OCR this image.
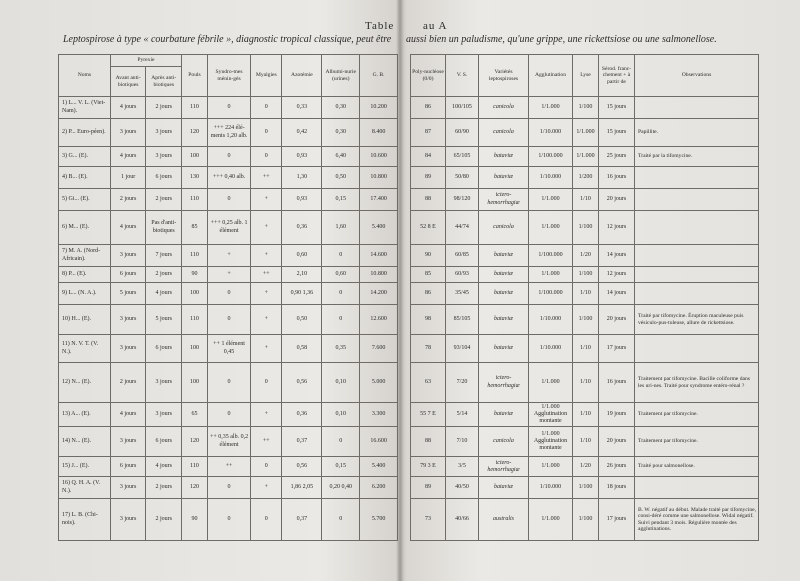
Table	au A
Leptospirose à type « courbature fébrile », diagnostic tropical classique, peut être aussi bien un paludisme, qu'une grippe, une rickettsiose ou une salmonellose.
Noms	Pyrexie		Pouls	Syndro-mes ménin-gés	Myalgies	Azotémie	Albumi-nurie (urines)	G. B.
	Avant anti-biotiques	Après anti-biotiques						
1) L... V. L. (Viet-Nam).	4 jours	2 jours	110	0	0	0,33	0,30	10.200
2) P... Euro-péen).	3 jours	3 jours	120	+++ 224 élé-ments 1,20 alb.	0	0,42	0,30	8.400
3) G... (E).	4 jours	3 jours	100	0	0	0,93	6,40	10.600
4) B... (E).	1 jour	6 jours	130	+++ 0,40 alb.	++	1,30	0,50	10.800
5) Gi... (E).	2 jours	2 jours	110	0	+	0,93	0,15	17.400
6) M... (E).	4 jours	Pas d'anti-biotiques	85	+++ 0,25 alb. 1 élément	+	0,36	1,60	5.400
7) M. A. (Nord-Africain).	3 jours	7 jours	110	+	+	0,60	0	14.600
8) P... (E).	6 jours	2 jours	90	+	++	2,10	0,60	10.800
9) L... (N. A.).	5 jours	4 jours	100	0	+	0,90 1,36	0	14.200
10) H... (E).	3 jours	5 jours	110	0	+	0,50	0	12.600
11) N. V. T. (V. N.).	3 jours	6 jours	100	++ 1 élément 0,45	+	0,58	0,35	7.600
12) N... (E).	2 jours	3 jours	100	0	0	0,56	0,10	5.000
13) A... (E).	4 jours	3 jours	65	0	+	0,36	0,10	3.300
14) N... (E).	3 jours	6 jours	120	++ 0,35 alb. 0,2 élément	++	0,37	0	16.600
15) J... (E).	6 jours	4 jours	110	++	0	0,56	0,15	5.400
16) Q. H. A. (V. N.).	3 jours	2 jours	120	0	+	1,86 2,05	0,20 0,40	6.200
17) L. B. (Chi-nois).	3 jours	2 jours	90	0	0	0,37	0	5.700
Poly-nucléose (0/0)	V. S.	Variétés leptospiroses	Agglutination	Lyse	Sérod. franc-chement + à partir de	Observations
86	100/105	canicola	1/1.000	1/100	15 jours	
87	60/90	canicola	1/10.000	1/1.000	15 jours	Papillite.
84	65/105	bataviæ	1/100.000	1/1.000	25 jours	Traité par la tifomycine.
89	50/80	bataviæ	1/10.000	1/200	16 jours	
88	98/120	ictero-hemorrhagiæ	1/1.000	1/10	20 jours	
52 8 E	44/74	canicola	1/1.000	1/100	12 jours	
90	60/85	bataviæ	1/100.000	1/20	14 jours	
85	60/93	bataviæ	1/1.000	1/100	12 jours	
86	35/45	bataviæ	1/100.000	1/10	14 jours	
98	85/105	bataviæ	1/10.000	1/100	20 jours	Traité par tifomycine. Éruption maculeuse puis vésiculo-pus-tuleuse, allure de rickettsiose.
78	93/104	bataviæ	1/10.000	1/10	17 jours	
63	7/20	ictero-hemorrhagiæ	1/1.000	1/10	16 jours	Traitement par tifomycine. Bacille coliforme dans les uri-nes. Traité pour syndrome entéro-rénal ?
55 7 E	5/14	bataviæ	1/1.000 Agglutination montante	1/10	19 jours	Traitement par tifomycine.
88	7/10	canicola	1/1.000 Agglutination montante	1/10	20 jours	Traitement par tifomycine.
79 3 E	3/5	ictero-hemorrhagiæ	1/1.000	1/20	26 jours	Traité pour salmonellose.
89	40/50	bataviæ	1/10.000	1/100	18 jours	
73	40/66	australis	1/1.000	1/100	17 jours	B. W. négatif au début. Malade traité par tifomycine, consi-déré comme une salmonellose. Widal négatif. Suivi pendant 3 mois. Régulière montée des agglutinations.
